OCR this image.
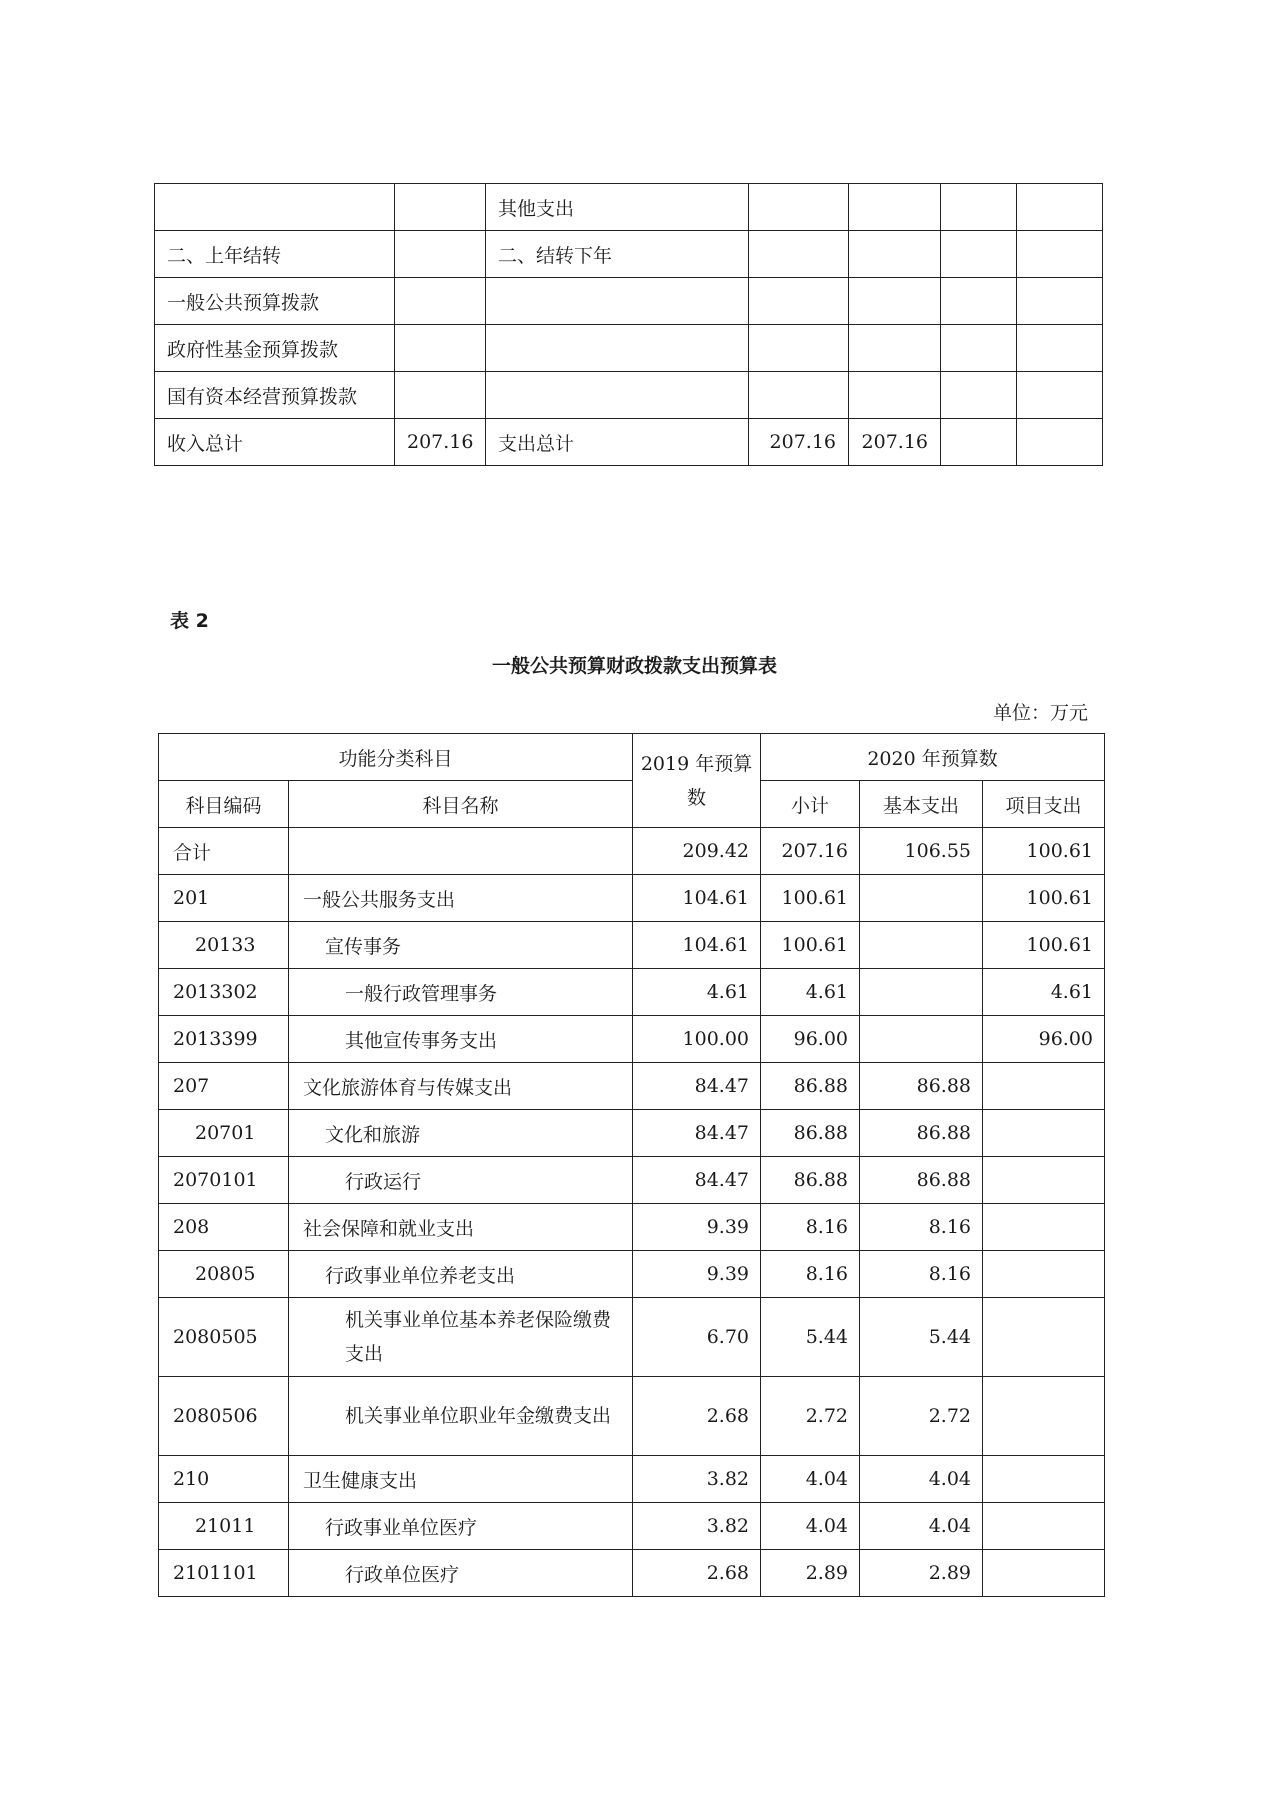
		其他支出				
二、上年结转		二、结转下年				
一般公共预算拨款						
政府性基金预算拨款						
国有资本经营预算拨款						
收入总计	207.16	支出总计	207.16	207.16		
表 2
一般公共预算财政拨款支出预算表
单位：万元
功能分类科目		2019 年预算数	2020 年预算数		
科目编码	科目名称		小计	基本支出	项目支出
合计		209.42	207.16	106.55	100.61
201	一般公共服务支出	104.61	100.61		100.61
20133	宣传事务	104.61	100.61		100.61
2013302	一般行政管理事务	4.61	4.61		4.61
2013399	其他宣传事务支出	100.00	96.00		96.00
207	文化旅游体育与传媒支出	84.47	86.88	86.88	
20701	文化和旅游	84.47	86.88	86.88	
2070101	行政运行	84.47	86.88	86.88	
208	社会保障和就业支出	9.39	8.16	8.16	
20805	行政事业单位养老支出	9.39	8.16	8.16	
2080505	机关事业单位基本养老保险缴费支出	6.70	5.44	5.44	
2080506	机关事业单位职业年金缴费支出	2.68	2.72	2.72	
210	卫生健康支出	3.82	4.04	4.04	
21011	行政事业单位医疗	3.82	4.04	4.04	
2101101	行政单位医疗	2.68	2.89	2.89	
